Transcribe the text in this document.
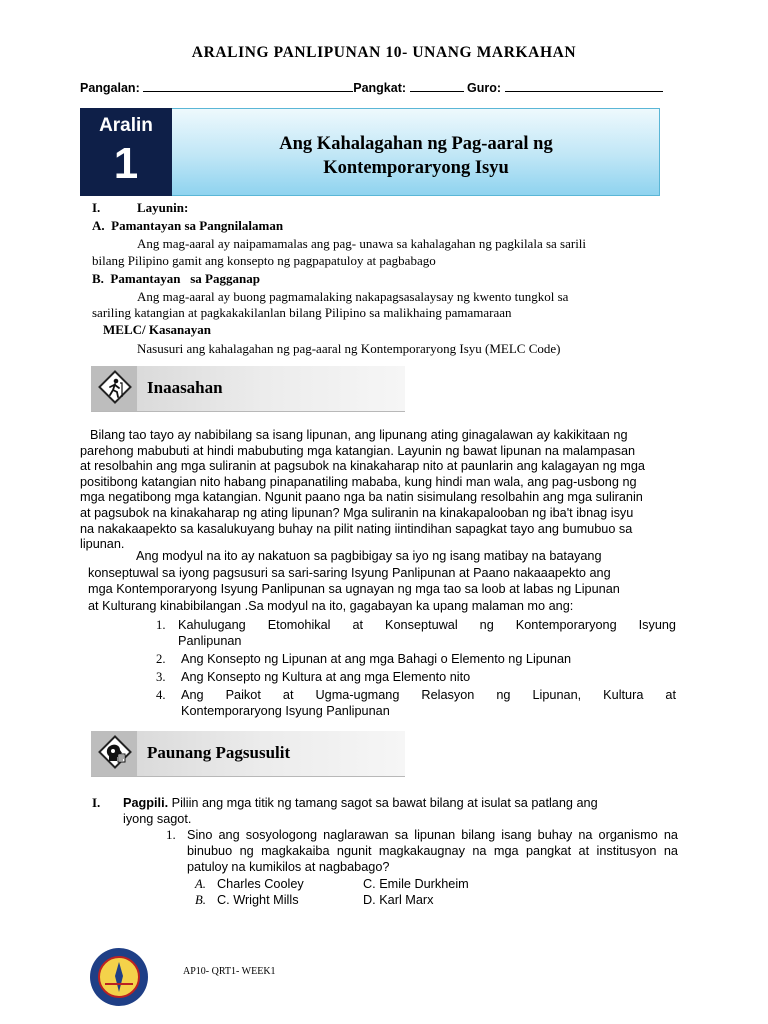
ARALING PANLIPUNAN 10- UNANG MARKAHAN
Pangalan:	Pangkat:	Guro:
Aralin
1	Ang Kahalagahan ng Pag-aaral ng
Kontemporaryong Isyu
I.	Layunin:
A.  Pamantayan sa Pangnilalaman
Ang mag-aaral ay naipamamalas ang pag- unawa sa kahalagahan ng pagkilala sa sarili
bilang Pilipino gamit ang konsepto ng pagpapatuloy at pagbabago
B.  Pamantayan   sa Pagganap
Ang mag-aaral ay buong pagmamalaking nakapagsasalaysay ng kwento tungkol sa
sariling katangian at pagkakakilanlan bilang Pilipino sa malikhaing pamamaraan
MELC/ Kasanayan
Nasusuri ang kahalagahan ng pag-aaral ng Kontemporaryong Isyu (MELC Code)
Inaasahan
Bilang tao tayo ay nabibilang sa isang lipunan, ang lipunang ating ginagalawan ay kakikitaan ng
parehong mabubuti at hindi mabubuting mga katangian. Layunin ng bawat lipunan na malampasan
at resolbahin ang mga suliranin at pagsubok na kinakaharap nito at paunlarin ang kalagayan ng mga
positibong katangian nito habang pinapanatiling mababa, kung hindi man wala, ang pag-usbong ng
mga negatibong mga katangian. Ngunit paano nga ba natin sisimulang resolbahin ang mga suliranin
at pagsubok na kinakaharap ng ating lipunan? Mga suliranin na kinakapalooban ng iba't ibnag isyu
na nakakaapekto sa kasalukuyang buhay na pilit nating iintindihan sapagkat tayo ang bumubuo sa
lipunan.
Ang modyul na ito ay nakatuon sa pagbibigay sa iyo ng isang matibay na batayang
konseptuwal sa iyong pagsusuri sa sari-saring Isyung Panlipunan at Paano nakaaapekto ang
mga Kontemporaryong Isyung Panlipunan sa ugnayan ng mga tao sa loob at labas ng Lipunan
at Kulturang kinabibilangan .Sa modyul na ito, gagabayan ka upang malaman mo ang:
1. Kahulugang Etomohikal at Konseptuwal ng Kontemporaryong Isyung
Panlipunan
2.	Ang Konsepto ng Lipunan at ang mga Bahagi o Elemento ng Lipunan
3.	Ang Konsepto ng Kultura at ang mga Elemento nito
4.	Ang Paikot at Ugma-ugmang Relasyon ng Lipunan, Kultura at
Kontemporaryong Isyung Panlipunan
Paunang Pagsusulit
I. Pagpili. Piliin ang mga titik ng tamang sagot sa bawat bilang at isulat sa patlang ang
iyong sagot.
1. Sino ang sosyologong naglarawan sa lipunan bilang isang buhay na organismo na
binubuo ng magkakaiba ngunit magkakaugnay na mga pangkat at institusyon na
patuloy na kumikilos at nagbabago?
A. Charles Cooley	C. Emile Durkheim
B. C. Wright Mills	D. Karl Marx
AP10- QRT1- WEEK1
